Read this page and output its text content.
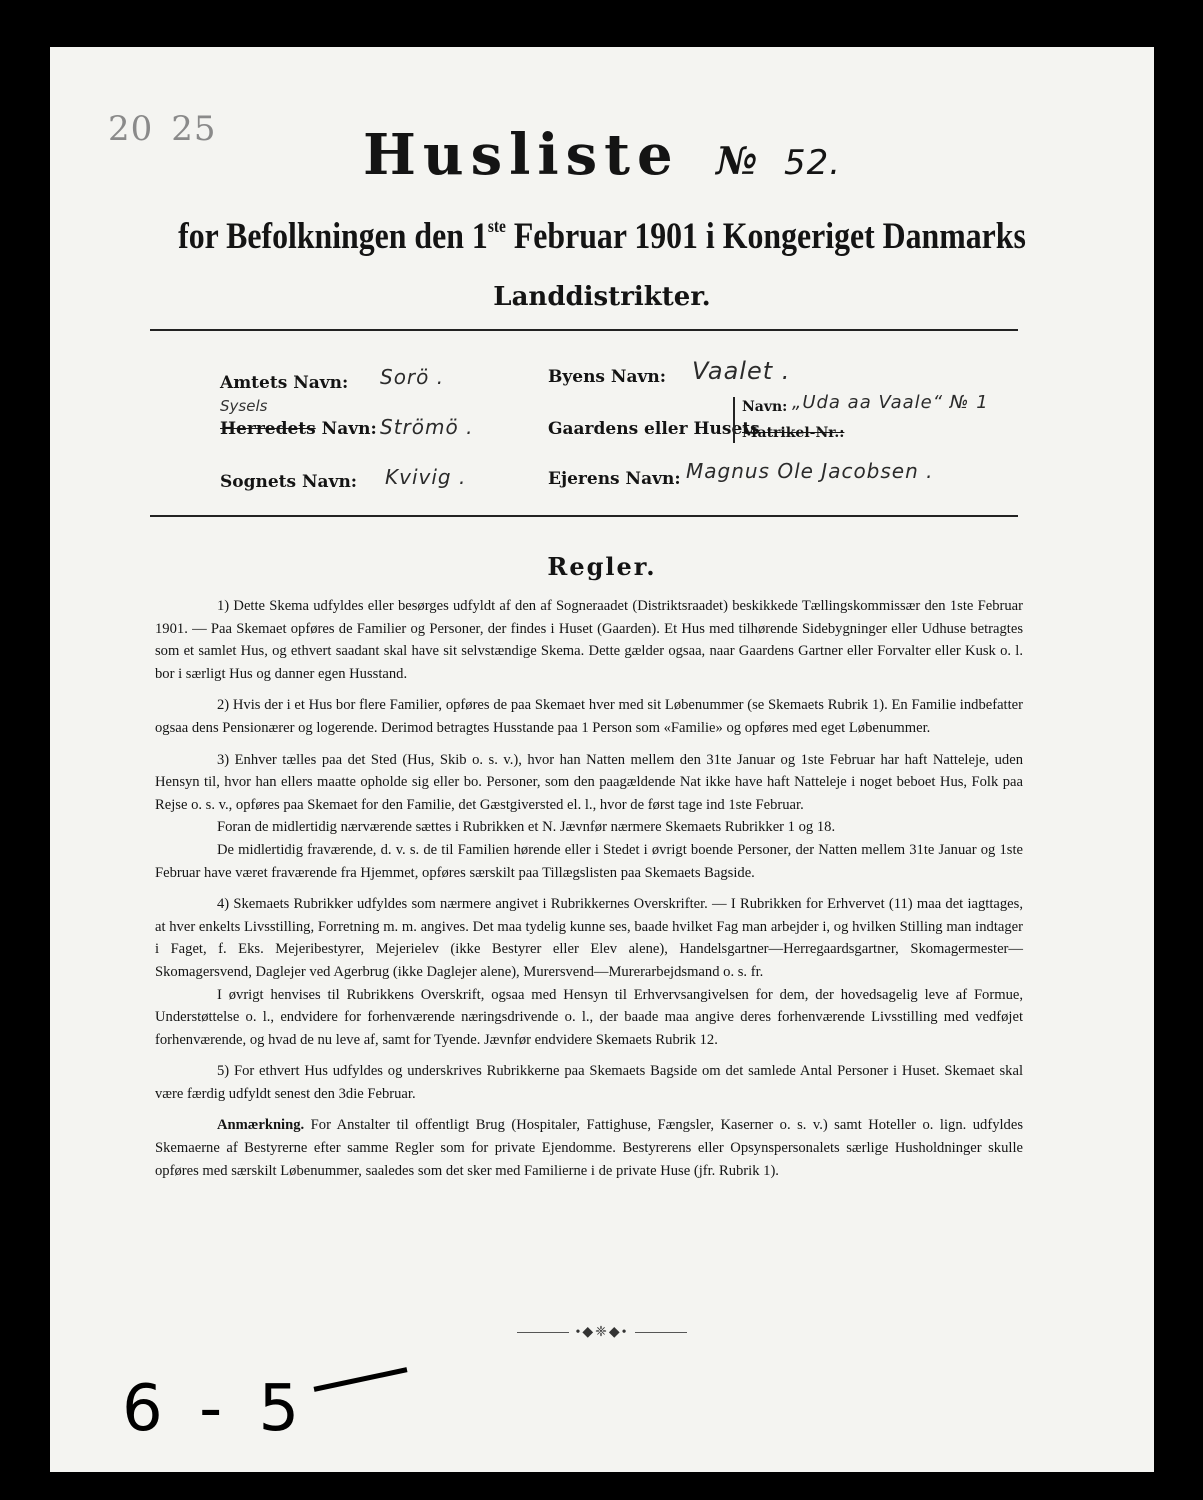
20 25	Husliste № 52.
for Befolkningen den 1ste Februar 1901 i Kongeriget Danmarks
Landdistrikter.
Amtets Navn: Sorö .
Sysels
Herredets Navn: Strömö .
Sognets Navn: Kvivig .
Byens Navn: Vaalet .
Gaardens eller Husets
Navn: „Uda aa Vaale“ № 1
Matrikel-Nr.:
Ejerens Navn: Magnus Ole Jacobsen .
Regler.

1) Dette Skema udfyldes eller besørges udfyldt af den af Sogneraadet (Distriktsraadet) beskikkede Tællingskommissær den 1ste Februar 1901. — Paa Skemaet opføres de Familier og Personer, der findes i Huset (Gaarden). Et Hus med tilhørende Sidebygninger eller Udhuse betragtes som et samlet Hus, og ethvert saadant skal have sit selvstændige Skema. Dette gælder ogsaa, naar Gaardens Gartner eller Forvalter eller Kusk o. l. bor i særligt Hus og danner egen Husstand.

2) Hvis der i et Hus bor flere Familier, opføres de paa Skemaet hver med sit Løbenummer (se Skemaets Rubrik 1). En Familie indbefatter ogsaa dens Pensionærer og logerende. Derimod betragtes Husstande paa 1 Person som «Familie» og opføres med eget Løbenummer.

3) Enhver tælles paa det Sted (Hus, Skib o. s. v.), hvor han Natten mellem den 31te Januar og 1ste Februar har haft Natteleje, uden Hensyn til, hvor han ellers maatte opholde sig eller bo. Personer, som den paagældende Nat ikke have haft Natteleje i noget beboet Hus, Folk paa Rejse o. s. v., opføres paa Skemaet for den Familie, det Gæstgiversted el. l., hvor de først tage ind 1ste Februar.

Foran de midlertidig nærværende sættes i Rubrikken et N. Jævnfør nærmere Skemaets Rubrikker 1 og 18.

De midlertidig fraværende, d. v. s. de til Familien hørende eller i Stedet i øvrigt boende Personer, der Natten mellem 31te Januar og 1ste Februar have været fraværende fra Hjemmet, opføres særskilt paa Tillægslisten paa Skemaets Bagside.

4) Skemaets Rubrikker udfyldes som nærmere angivet i Rubrikkernes Overskrifter. — I Rubrikken for Erhvervet (11) maa det iagttages, at hver enkelts Livsstilling, Forretning m. m. angives. Det maa tydelig kunne ses, baade hvilket Fag man arbejder i, og hvilken Stilling man indtager i Faget, f. Eks. Mejeribestyrer, Mejerielev (ikke Bestyrer eller Elev alene), Handelsgartner—Herregaardsgartner, Skomagermester—Skomagersvend, Daglejer ved Agerbrug (ikke Daglejer alene), Murersvend—Murerarbejdsmand o. s. fr.

I øvrigt henvises til Rubrikkens Overskrift, ogsaa med Hensyn til Erhvervsangivelsen for dem, der hovedsagelig leve af Formue, Understøttelse o. l., endvidere for forhenværende næringsdrivende o. l., der baade maa angive deres forhenværende Livsstilling med vedføjet forhenværende, og hvad de nu leve af, samt for Tyende. Jævnfør endvidere Skemaets Rubrik 12.

5) For ethvert Hus udfyldes og underskrives Rubrikkerne paa Skemaets Bagside om det samlede Antal Personer i Huset. Skemaet skal være færdig udfyldt senest den 3die Februar.

Anmærkning. For Anstalter til offentligt Brug (Hospitaler, Fattighuse, Fængsler, Kaserner o. s. v.) samt Hoteller o. lign. udfyldes Skemaerne af Bestyrerne efter samme Regler som for private Ejendomme. Bestyrerens eller Opsynspersonalets særlige Husholdninger skulle opføres med særskilt Løbenummer, saaledes som det sker med Familierne i de private Huse (jfr. Rubrik 1).

•◆❈◆•
6 - 5
